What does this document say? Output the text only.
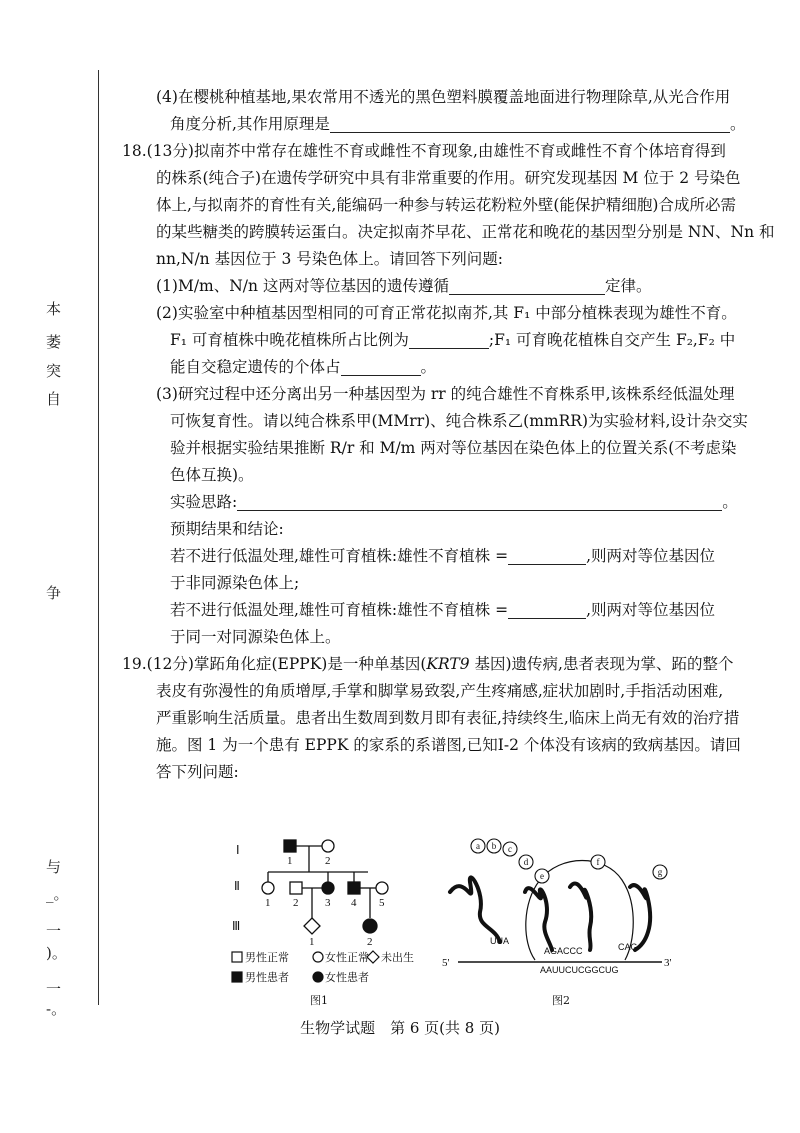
本
萎
突
自
争
与
_。
一
)。
一
-。
(4)在樱桃种植基地,果农常用不透光的黑色塑料膜覆盖地面进行物理除草,从光合作用
角度分析,其作用原理是	。
18.(13分)拟南芥中常存在雄性不育或雌性不育现象,由雄性不育或雌性不育个体培育得到
的株系(纯合子)在遗传学研究中具有非常重要的作用。研究发现基因 M 位于 2 号染色
体上,与拟南芥的育性有关,能编码一种参与转运花粉粒外壁(能保护精细胞)合成所必需
的某些糖类的跨膜转运蛋白。决定拟南芥早花、正常花和晚花的基因型分别是 NN、Nn 和
nn,N/n 基因位于 3 号染色体上。请回答下列问题:
(1)M/m、N/n 这两对等位基因的遗传遵循	定律。
(2)实验室中种植基因型相同的可育正常花拟南芥,其 F₁ 中部分植株表现为雄性不育。
F₁ 可育植株中晚花植株所占比例为	;F₁ 可育晚花植株自交产生 F₂,F₂ 中
能自交稳定遗传的个体占	。
(3)研究过程中还分离出另一种基因型为 rr 的纯合雄性不育株系甲,该株系经低温处理
可恢复育性。请以纯合株系甲(MMrr)、纯合株系乙(mmRR)为实验材料,设计杂交实
验并根据实验结果推断 R/r 和 M/m 两对等位基因在染色体上的位置关系(不考虑染
色体互换)。
实验思路:	。
预期结果和结论:
若不进行低温处理,雄性可育植株:雄性不育植株 =	,则两对等位基因位
于非同源染色体上;
若不进行低温处理,雄性可育植株:雄性不育植株 =	,则两对等位基因位
于同一对同源染色体上。
19.(12分)掌跖角化症(EPPK)是一种单基因(KRT9 基因)遗传病,患者表现为掌、跖的整个
表皮有弥漫性的角质增厚,手掌和脚掌易致裂,产生疼痛感,症状加剧时,手指活动困难,
严重影响生活质量。患者出生数周到数月即有表征,持续终生,临床上尚无有效的治疗措
施。图 1 为一个患有 EPPK 的家系的系谱图,已知Ⅰ-2 个体没有该病的致病基因。请回
答下列问题:
Ⅰ
Ⅱ
Ⅲ
1	2
1 2 3 4 5
1	2
男性正常	女性正常 未出生
男性患者	女性患者
图1
a b c
d
e
f
g
UUA
AGACCC	CAG
AAUUCUCGGCUG
5'	3'
图2
生物学试题　第 6 页(共 8 页)
